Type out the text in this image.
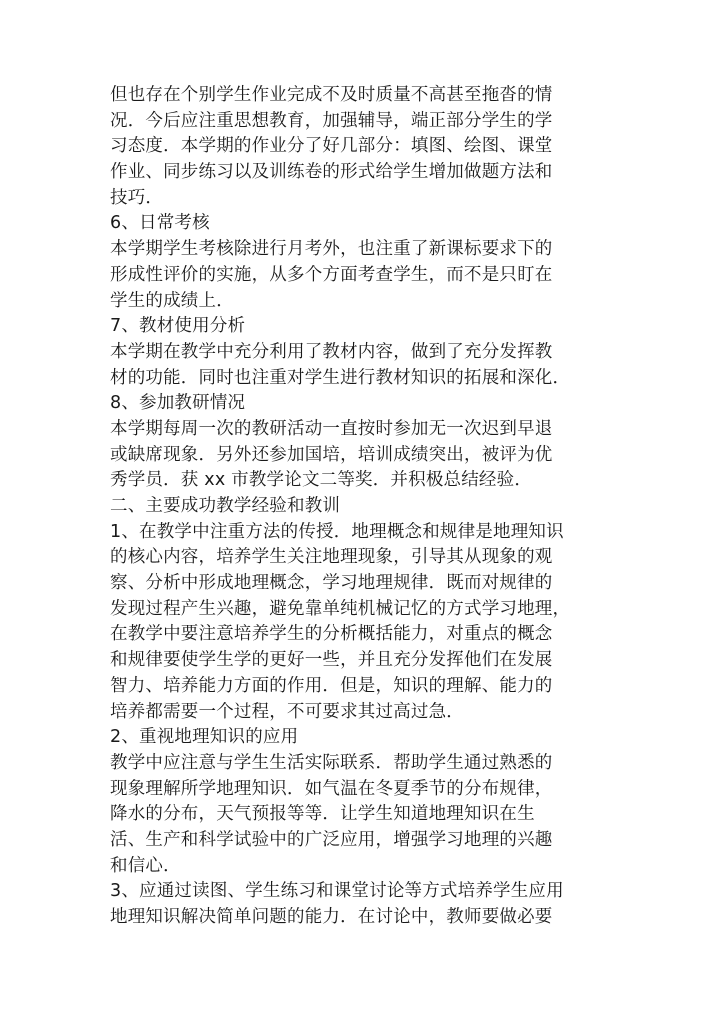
但也存在个别学生作业完成不及时质量不高甚至拖沓的情
况．今后应注重思想教育，加强辅导，端正部分学生的学
习态度．本学期的作业分了好几部分：填图、绘图、课堂
作业、同步练习以及训练卷的形式给学生增加做题方法和
技巧．
6、日常考核
本学期学生考核除进行月考外，也注重了新课标要求下的
形成性评价的实施，从多个方面考查学生，而不是只盯在
学生的成绩上．
7、教材使用分析
本学期在教学中充分利用了教材内容，做到了充分发挥教
材的功能．同时也注重对学生进行教材知识的拓展和深化．
8、参加教研情况
本学期每周一次的教研活动一直按时参加无一次迟到早退
或缺席现象．另外还参加国培，培训成绩突出，被评为优
秀学员．获 xx 市教学论文二等奖．并积极总结经验．
二、主要成功教学经验和教训
1、在教学中注重方法的传授．地理概念和规律是地理知识
的核心内容，培养学生关注地理现象，引导其从现象的观
察、分析中形成地理概念，学习地理规律．既而对规律的
发现过程产生兴趣，避免靠单纯机械记忆的方式学习地理，
在教学中要注意培养学生的分析概括能力，对重点的概念
和规律要使学生学的更好一些，并且充分发挥他们在发展
智力、培养能力方面的作用．但是，知识的理解、能力的
培养都需要一个过程，不可要求其过高过急．
2、重视地理知识的应用
教学中应注意与学生生活实际联系．帮助学生通过熟悉的
现象理解所学地理知识．如气温在冬夏季节的分布规律，
降水的分布，天气预报等等．让学生知道地理知识在生
活、生产和科学试验中的广泛应用，增强学习地理的兴趣
和信心．
3、应通过读图、学生练习和课堂讨论等方式培养学生应用
地理知识解决简单问题的能力．在讨论中，教师要做必要
